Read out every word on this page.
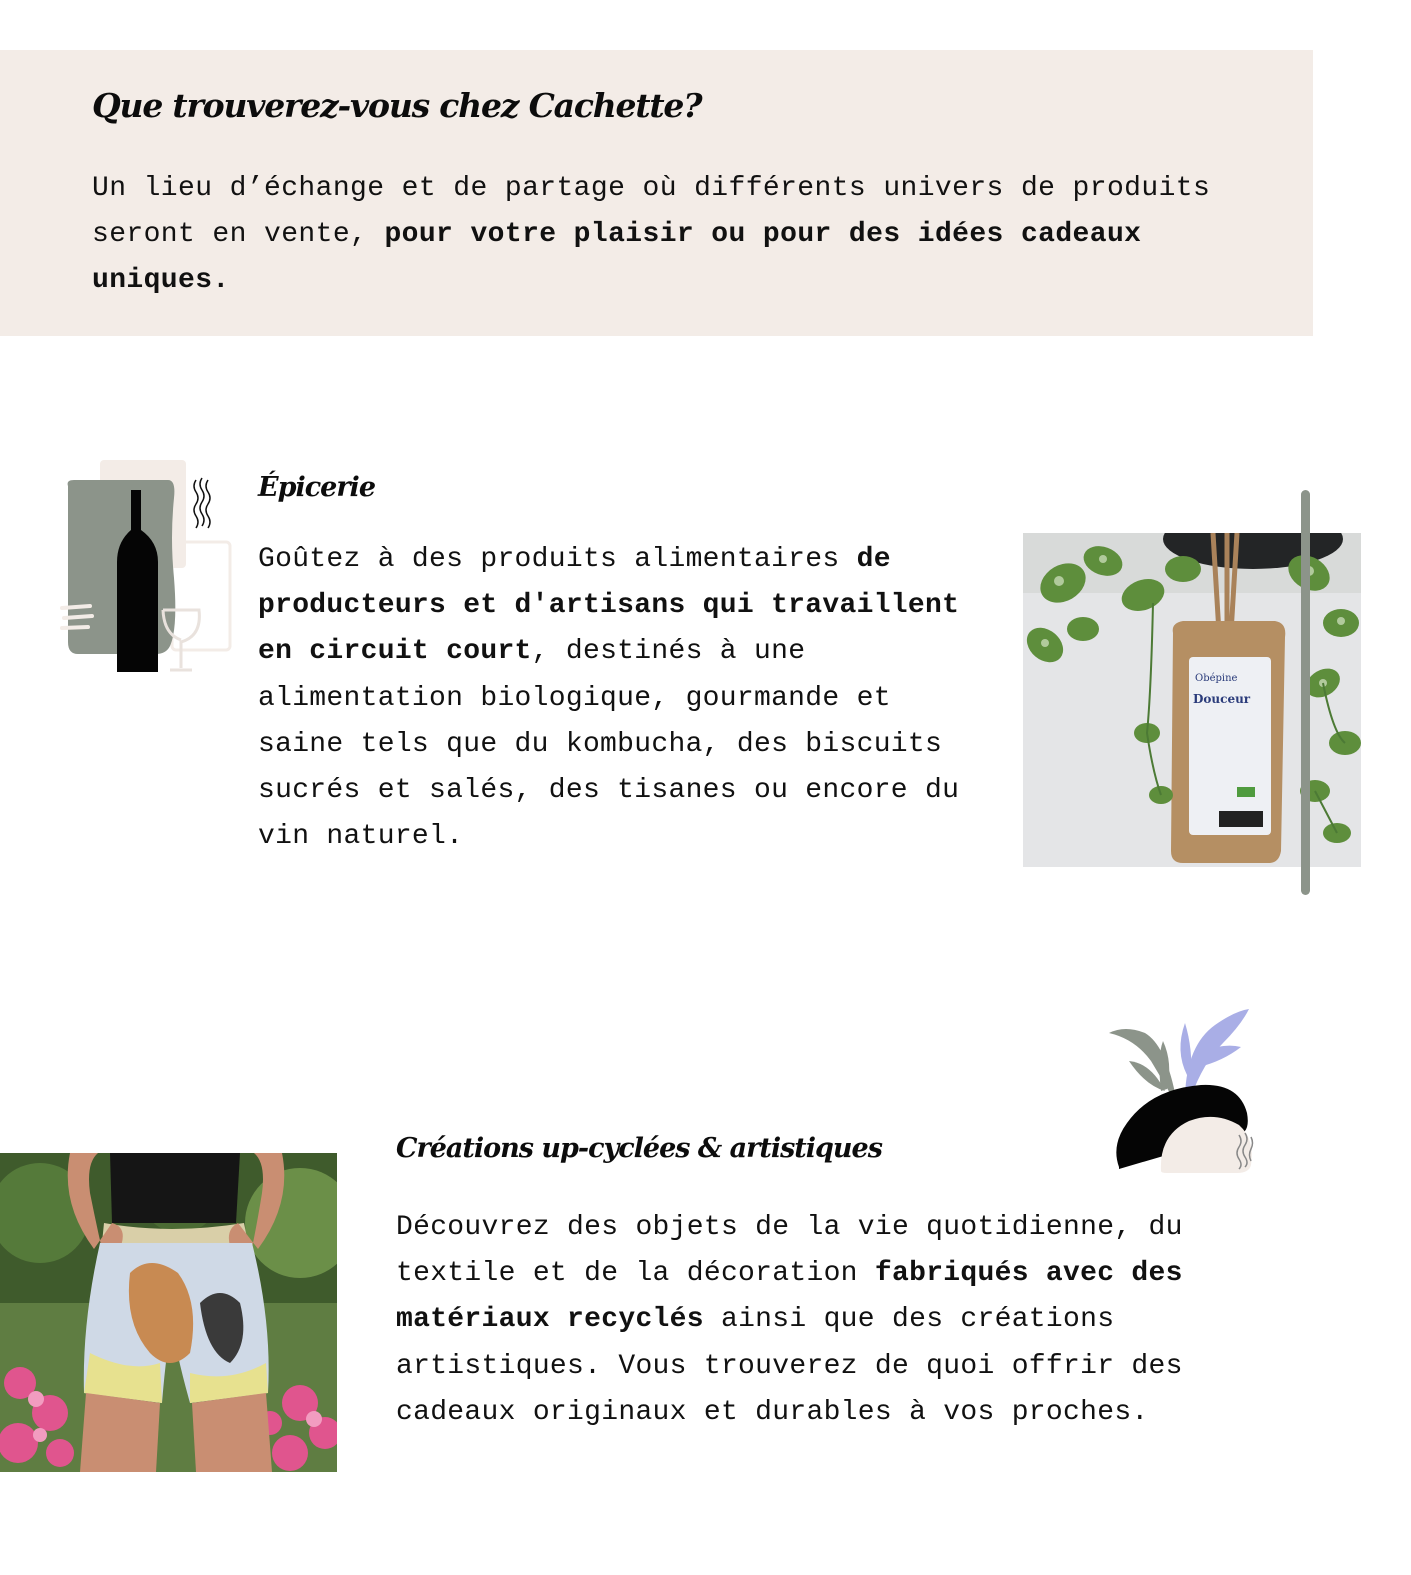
Que trouverez-vous chez Cachette?

Un lieu d’échange et de partage où différents univers de produits seront en vente, pour votre plaisir ou pour des idées cadeaux uniques.

Épicerie

Goûtez à des produits alimentaires de producteurs et d'artisans qui travaillent en circuit court, destinés à une alimentation biologique, gourmande et saine tels que du kombucha, des biscuits sucrés et salés, des tisanes ou encore du vin naturel.

Obépine
Douceur
Créations up-cyclées & artistiques

Découvrez des objets de la vie quotidienne, du textile et de la décoration fabriqués avec des matériaux recyclés ainsi que des créations artistiques. Vous trouverez de quoi offrir des cadeaux originaux et durables à vos proches.
